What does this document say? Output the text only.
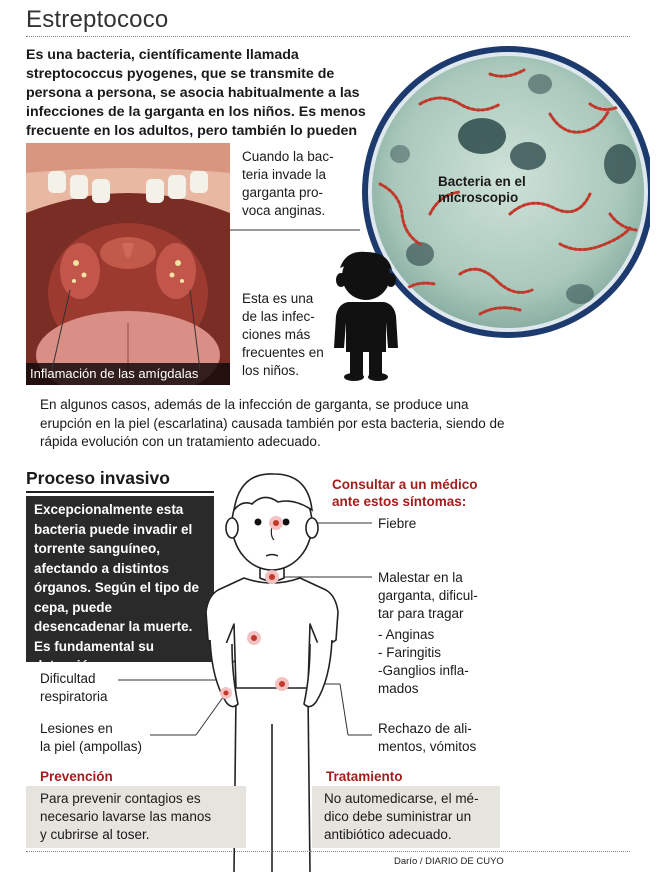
Estreptococo
Es una bacteria, científicamente llamada streptococcus pyogenes, que se transmite de persona a persona, se asocia habitualmente a las infecciones de la garganta en los niños. Es menos frecuente en los adultos, pero también lo pueden
Bacteria en el
microscopio
Inflamación de las amígdalas
Cuando la bac-
teria invade la
garganta pro-
voca anginas.
Esta es una
de las infec-
ciones más
frecuentes en
los niños.
En algunos casos, además de la infección de garganta, se produce una erupción en la piel (escarlatina) causada también por esta bacteria, siendo de rápida evolución con un tratamiento adecuado.
Proceso invasivo
Excepcionalmente esta bacteria puede invadir el torrente sanguíneo, afectando a distintos órganos. Según el tipo de cepa, puede desencadenar la muerte. Es fundamental su detección precoz.
Consultar a un médico
ante estos síntomas:
Fiebre
Malestar en la
garganta, dificul-
tar para tragar
- Anginas
- Faringitis
-Ganglios infla-
mados
Rechazo de ali-
mentos, vómitos
Dificultad
respiratoria
Lesiones en
la piel (ampollas)
Prevención
Para prevenir contagios es
necesario lavarse las manos
y cubrirse al toser.
Tratamiento
No automedicarse, el mé-
dico debe suministrar un
antibiótico adecuado.
Darío / DIARIO DE CUYO
